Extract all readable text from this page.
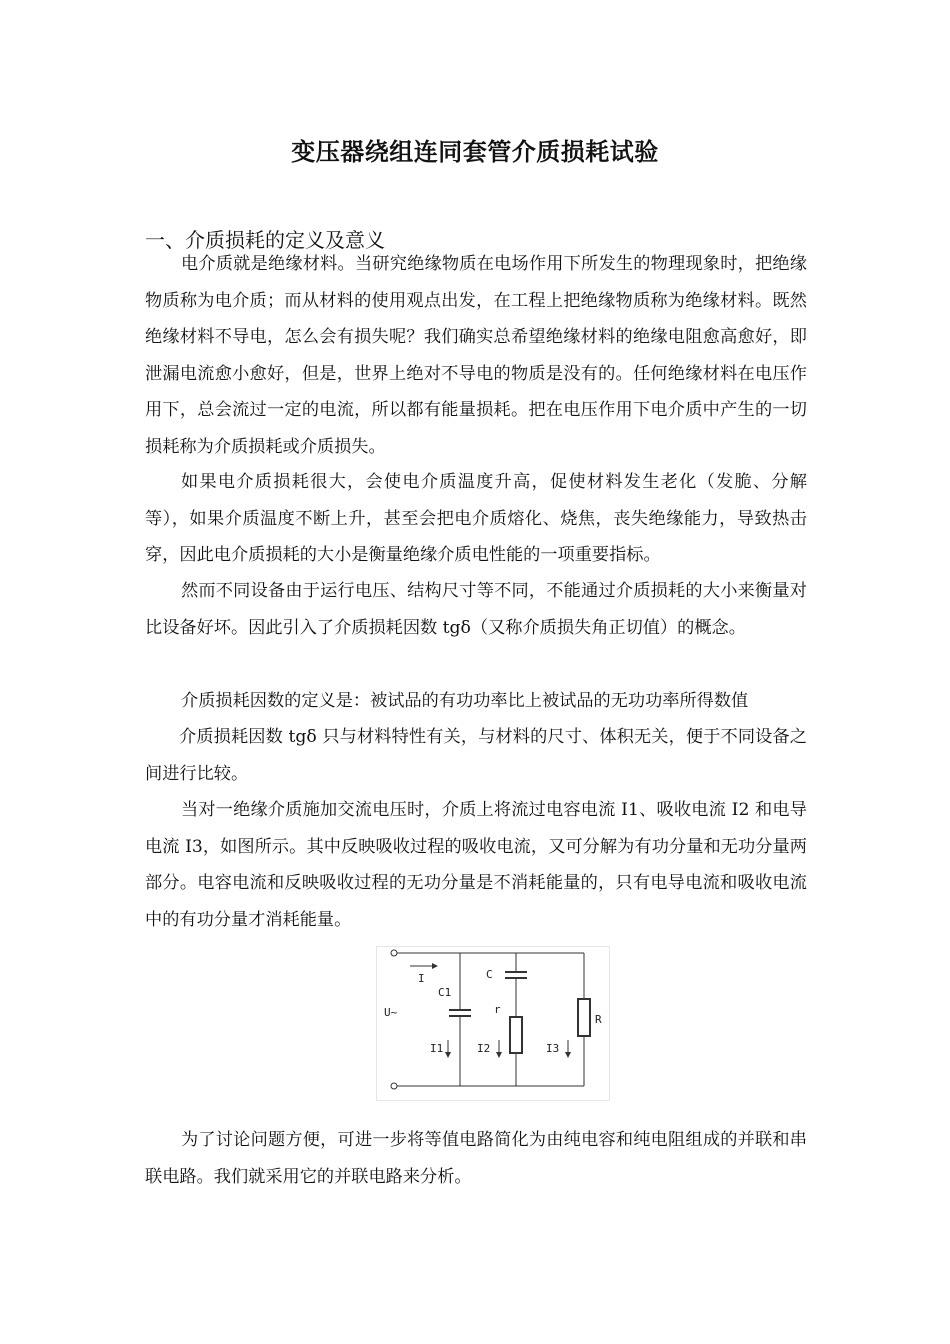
变压器绕组连同套管介质损耗试验
一、介质损耗的定义及意义

电介质就是绝缘材料。当研究绝缘物质在电场作用下所发生的物理现象时，把绝缘物质称为电介质；而从材料的使用观点出发，在工程上把绝缘物质称为绝缘材料。既然绝缘材料不导电，怎么会有损失呢？我们确实总希望绝缘材料的绝缘电阻愈高愈好，即泄漏电流愈小愈好，但是，世界上绝对不导电的物质是没有的。任何绝缘材料在电压作用下，总会流过一定的电流，所以都有能量损耗。把在电压作用下电介质中产生的一切损耗称为介质损耗或介质损失。

如果电介质损耗很大，会使电介质温度升高，促使材料发生老化（发脆、分解等），如果介质温度不断上升，甚至会把电介质熔化、烧焦，丧失绝缘能力，导致热击穿，因此电介质损耗的大小是衡量绝缘介质电性能的一项重要指标。

然而不同设备由于运行电压、结构尺寸等不同，不能通过介质损耗的大小来衡量对比设备好坏。因此引入了介质损耗因数 tgδ（又称介质损失角正切值）的概念。

介质损耗因数的定义是：被试品的有功功率比上被试品的无功功率所得数值

介质损耗因数 tgδ 只与材料特性有关，与材料的尺寸、体积无关，便于不同设备之间进行比较。

当对一绝缘介质施加交流电压时，介质上将流过电容电流 I1、吸收电流 I2 和电导电流 I3，如图所示。其中反映吸收过程的吸收电流，又可分解为有功分量和无功分量两部分。电容电流和反映吸收过程的无功分量是不消耗能量的，只有电导电流和吸收电流中的有功分量才消耗能量。

I
U~
C1
I1
C
r
I2
R
I3

为了讨论问题方便，可进一步将等值电路简化为由纯电容和纯电阻组成的并联和串联电路。我们就采用它的并联电路来分析。
